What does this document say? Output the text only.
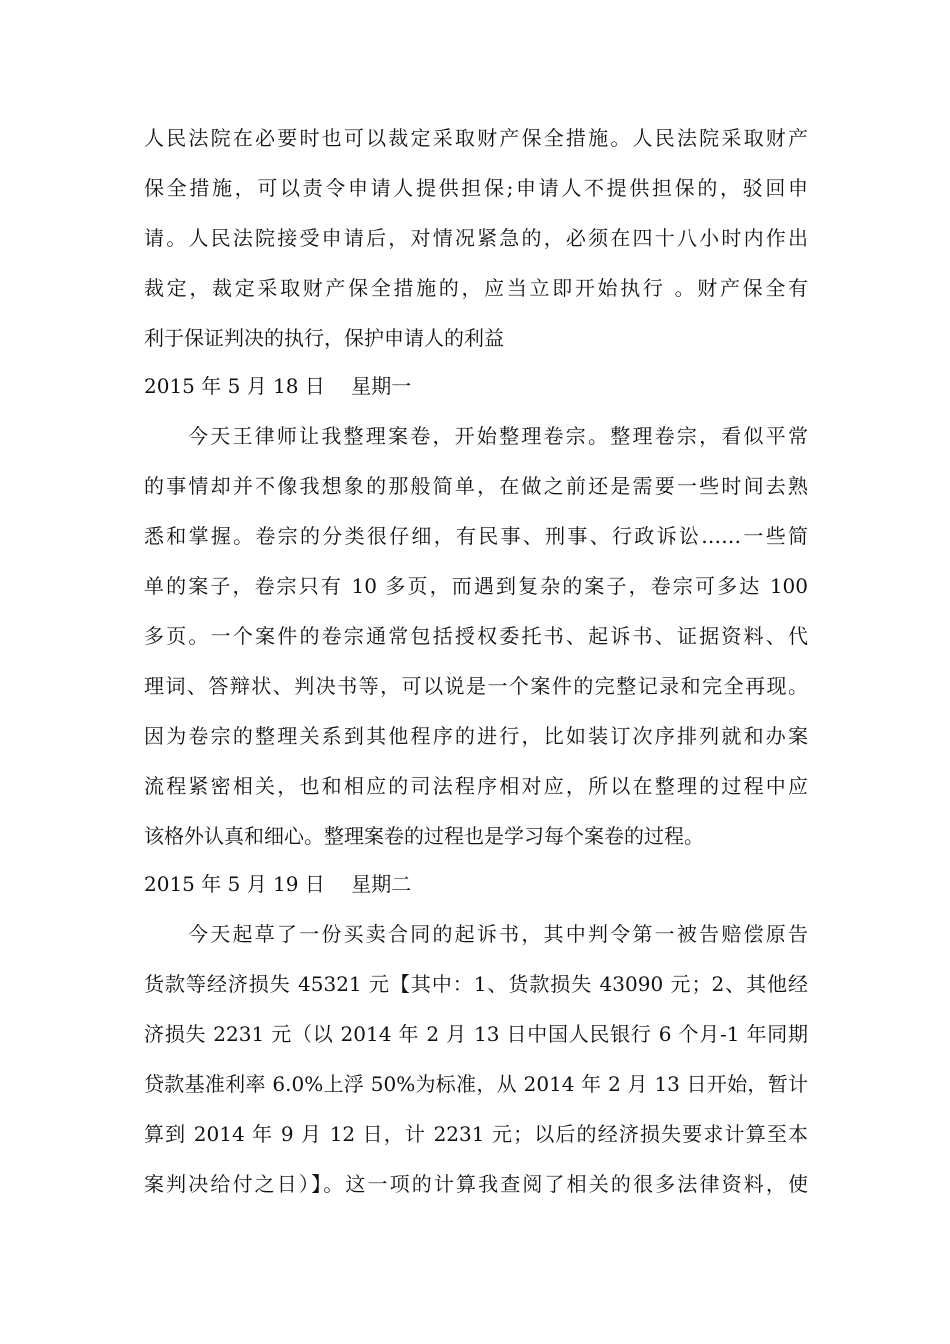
人民法院在必要时也可以裁定采取财产保全措施。人民法院采取财产
保全措施，可以责令申请人提供担保;申请人不提供担保的，驳回申
请。人民法院接受申请后，对情况紧急的，必须在四十八小时内作出
裁定，裁定采取财产保全措施的，应当立即开始执行 。财产保全有
利于保证判决的执行，保护申请人的利益
2015 年 5 月 18 日　 星期一
今天王律师让我整理案卷，开始整理卷宗。整理卷宗，看似平常
的事情却并不像我想象的那般简单，在做之前还是需要一些时间去熟
悉和掌握。卷宗的分类很仔细，有民事、刑事、行政诉讼……一些简
单的案子，卷宗只有 10 多页，而遇到复杂的案子，卷宗可多达 100
多页。一个案件的卷宗通常包括授权委托书、起诉书、证据资料、代
理词、答辩状、判决书等，可以说是一个案件的完整记录和完全再现。
因为卷宗的整理关系到其他程序的进行，比如装订次序排列就和办案
流程紧密相关，也和相应的司法程序相对应，所以在整理的过程中应
该格外认真和细心。整理案卷的过程也是学习每个案卷的过程。
2015 年 5 月 19 日　 星期二
今天起草了一份买卖合同的起诉书，其中判令第一被告赔偿原告
货款等经济损失 45321 元【其中：1、货款损失 43090 元；2、其他经
济损失 2231 元（以 2014 年 2 月 13 日中国人民银行 6 个月-1 年同期
贷款基准利率 6.0%上浮 50%为标准，从 2014 年 2 月 13 日开始，暂计
算到 2014 年 9 月 12 日，计 2231 元；以后的经济损失要求计算至本
案判决给付之日）】。这一项的计算我查阅了相关的很多法律资料，使
